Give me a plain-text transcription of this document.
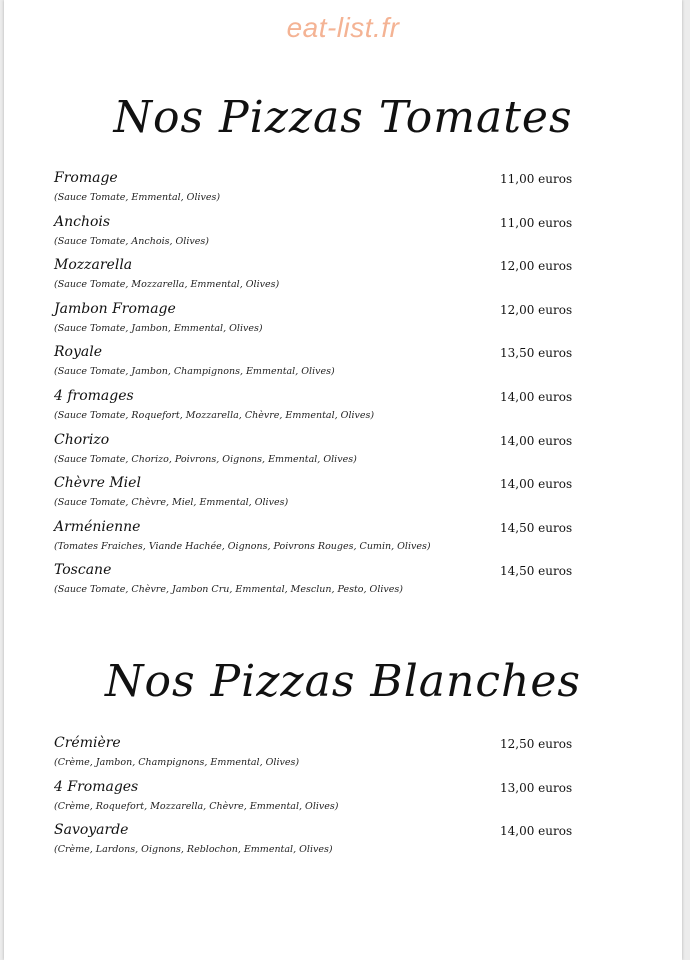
eat-list.fr
Nos Pizzas Tomates
Fromage
(Sauce Tomate, Emmental, Olives)
11,00 euros
Anchois
(Sauce Tomate, Anchois, Olives)
11,00 euros
Mozzarella
(Sauce Tomate, Mozzarella, Emmental, Olives)
12,00 euros
Jambon Fromage
(Sauce Tomate, Jambon, Emmental, Olives)
12,00 euros
Royale
(Sauce Tomate, Jambon, Champignons, Emmental, Olives)
13,50 euros
4 fromages
(Sauce Tomate, Roquefort, Mozzarella, Chèvre, Emmental, Olives)
14,00 euros
Chorizo
(Sauce Tomate, Chorizo, Poivrons, Oignons, Emmental, Olives)
14,00 euros
Chèvre Miel
(Sauce Tomate, Chèvre, Miel, Emmental, Olives)
14,00 euros
Arménienne
(Tomates Fraiches, Viande Hachée, Oignons, Poivrons Rouges, Cumin, Olives)
14,50 euros
Toscane
(Sauce Tomate, Chèvre, Jambon Cru, Emmental, Mesclun, Pesto, Olives)
14,50 euros
Nos Pizzas Blanches
Crémière
(Crème, Jambon, Champignons, Emmental, Olives)
12,50 euros
4 Fromages
(Crème, Roquefort, Mozzarella, Chèvre, Emmental, Olives)
13,00 euros
Savoyarde
(Crème, Lardons, Oignons, Reblochon, Emmental, Olives)
14,00 euros
